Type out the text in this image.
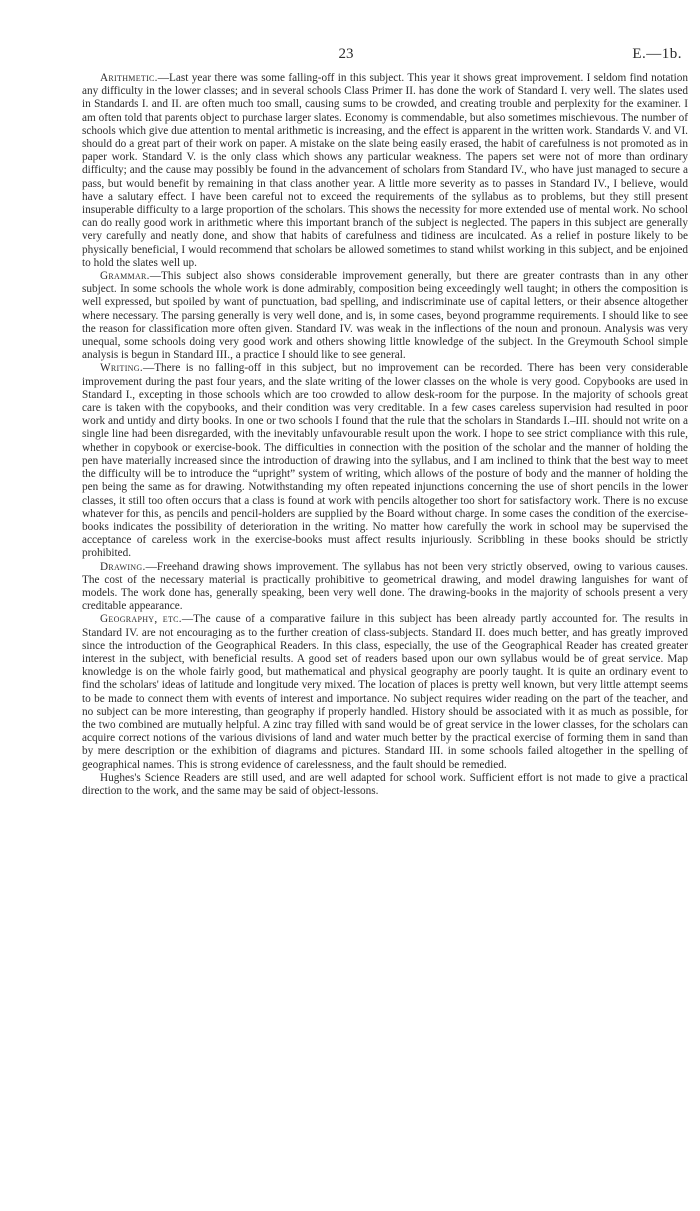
23	E.—1b.

Arithmetic.—Last year there was some falling-off in this subject. This year it shows great improvement. I seldom find notation any difficulty in the lower classes; and in several schools Class Primer II. has done the work of Standard I. very well. The slates used in Standards I. and II. are often much too small, causing sums to be crowded, and creating trouble and perplexity for the examiner. I am often told that parents object to purchase larger slates. Economy is commendable, but also sometimes mischievous. The number of schools which give due attention to mental arithmetic is increasing, and the effect is apparent in the written work. Standards V. and VI. should do a great part of their work on paper. A mistake on the slate being easily erased, the habit of carefulness is not promoted as in paper work. Standard V. is the only class which shows any particular weakness. The papers set were not of more than ordinary difficulty; and the cause may possibly be found in the advancement of scholars from Standard IV., who have just managed to secure a pass, but would benefit by remaining in that class another year. A little more severity as to passes in Standard IV., I believe, would have a salutary effect. I have been careful not to exceed the requirements of the syllabus as to problems, but they still present insuperable difficulty to a large proportion of the scholars. This shows the necessity for more extended use of mental work. No school can do really good work in arithmetic where this important branch of the subject is neglected. The papers in this subject are generally very carefully and neatly done, and show that habits of carefulness and tidiness are inculcated. As a relief in posture likely to be physically beneficial, I would recommend that scholars be allowed sometimes to stand whilst working in this subject, and be enjoined to hold the slates well up.

Grammar.—This subject also shows considerable improvement generally, but there are greater contrasts than in any other subject. In some schools the whole work is done admirably, composition being exceedingly well taught; in others the composition is well expressed, but spoiled by want of punctuation, bad spelling, and indiscriminate use of capital letters, or their absence altogether where necessary. The parsing generally is very well done, and is, in some cases, beyond programme requirements. I should like to see the reason for classification more often given. Standard IV. was weak in the inflections of the noun and pronoun. Analysis was very unequal, some schools doing very good work and others showing little knowledge of the subject. In the Greymouth School simple analysis is begun in Standard III., a practice I should like to see general.

Writing.—There is no falling-off in this subject, but no improvement can be recorded. There has been very considerable improvement during the past four years, and the slate writing of the lower classes on the whole is very good. Copybooks are used in Standard I., excepting in those schools which are too crowded to allow desk-room for the purpose. In the majority of schools great care is taken with the copybooks, and their condition was very creditable. In a few cases careless supervision had resulted in poor work and untidy and dirty books. In one or two schools I found that the rule that the scholars in Standards I.–III. should not write on a single line had been disregarded, with the inevitably unfavourable result upon the work. I hope to see strict compliance with this rule, whether in copybook or exercise-book. The difficulties in connection with the position of the scholar and the manner of holding the pen have materially increased since the introduction of drawing into the syllabus, and I am inclined to think that the best way to meet the difficulty will be to introduce the “upright” system of writing, which allows of the posture of body and the manner of holding the pen being the same as for drawing. Notwithstanding my often repeated injunctions concerning the use of short pencils in the lower classes, it still too often occurs that a class is found at work with pencils altogether too short for satisfactory work. There is no excuse whatever for this, as pencils and pencil-holders are supplied by the Board without charge. In some cases the condition of the exercise-books indicates the possibility of deterioration in the writing. No matter how carefully the work in school may be supervised the acceptance of careless work in the exercise-books must affect results injuriously. Scribbling in these books should be strictly prohibited.

Drawing.—Freehand drawing shows improvement. The syllabus has not been very strictly observed, owing to various causes. The cost of the necessary material is practically prohibitive to geometrical drawing, and model drawing languishes for want of models. The work done has, generally speaking, been very well done. The drawing-books in the majority of schools present a very creditable appearance.

Geography, etc.—The cause of a comparative failure in this subject has been already partly accounted for. The results in Standard IV. are not encouraging as to the further creation of class-subjects. Standard II. does much better, and has greatly improved since the introduction of the Geographical Readers. In this class, especially, the use of the Geographical Reader has created greater interest in the subject, with beneficial results. A good set of readers based upon our own syllabus would be of great service. Map knowledge is on the whole fairly good, but mathematical and physical geography are poorly taught. It is quite an ordinary event to find the scholars' ideas of latitude and longitude very mixed. The location of places is pretty well known, but very little attempt seems to be made to connect them with events of interest and importance. No subject requires wider reading on the part of the teacher, and no subject can be more interesting, than geography if properly handled. History should be associated with it as much as possible, for the two combined are mutually helpful. A zinc tray filled with sand would be of great service in the lower classes, for the scholars can acquire correct notions of the various divisions of land and water much better by the practical exercise of forming them in sand than by mere description or the exhibition of diagrams and pictures. Standard III. in some schools failed altogether in the spelling of geographical names. This is strong evidence of carelessness, and the fault should be remedied.

Hughes's Science Readers are still used, and are well adapted for school work. Sufficient effort is not made to give a practical direction to the work, and the same may be said of object-lessons.
